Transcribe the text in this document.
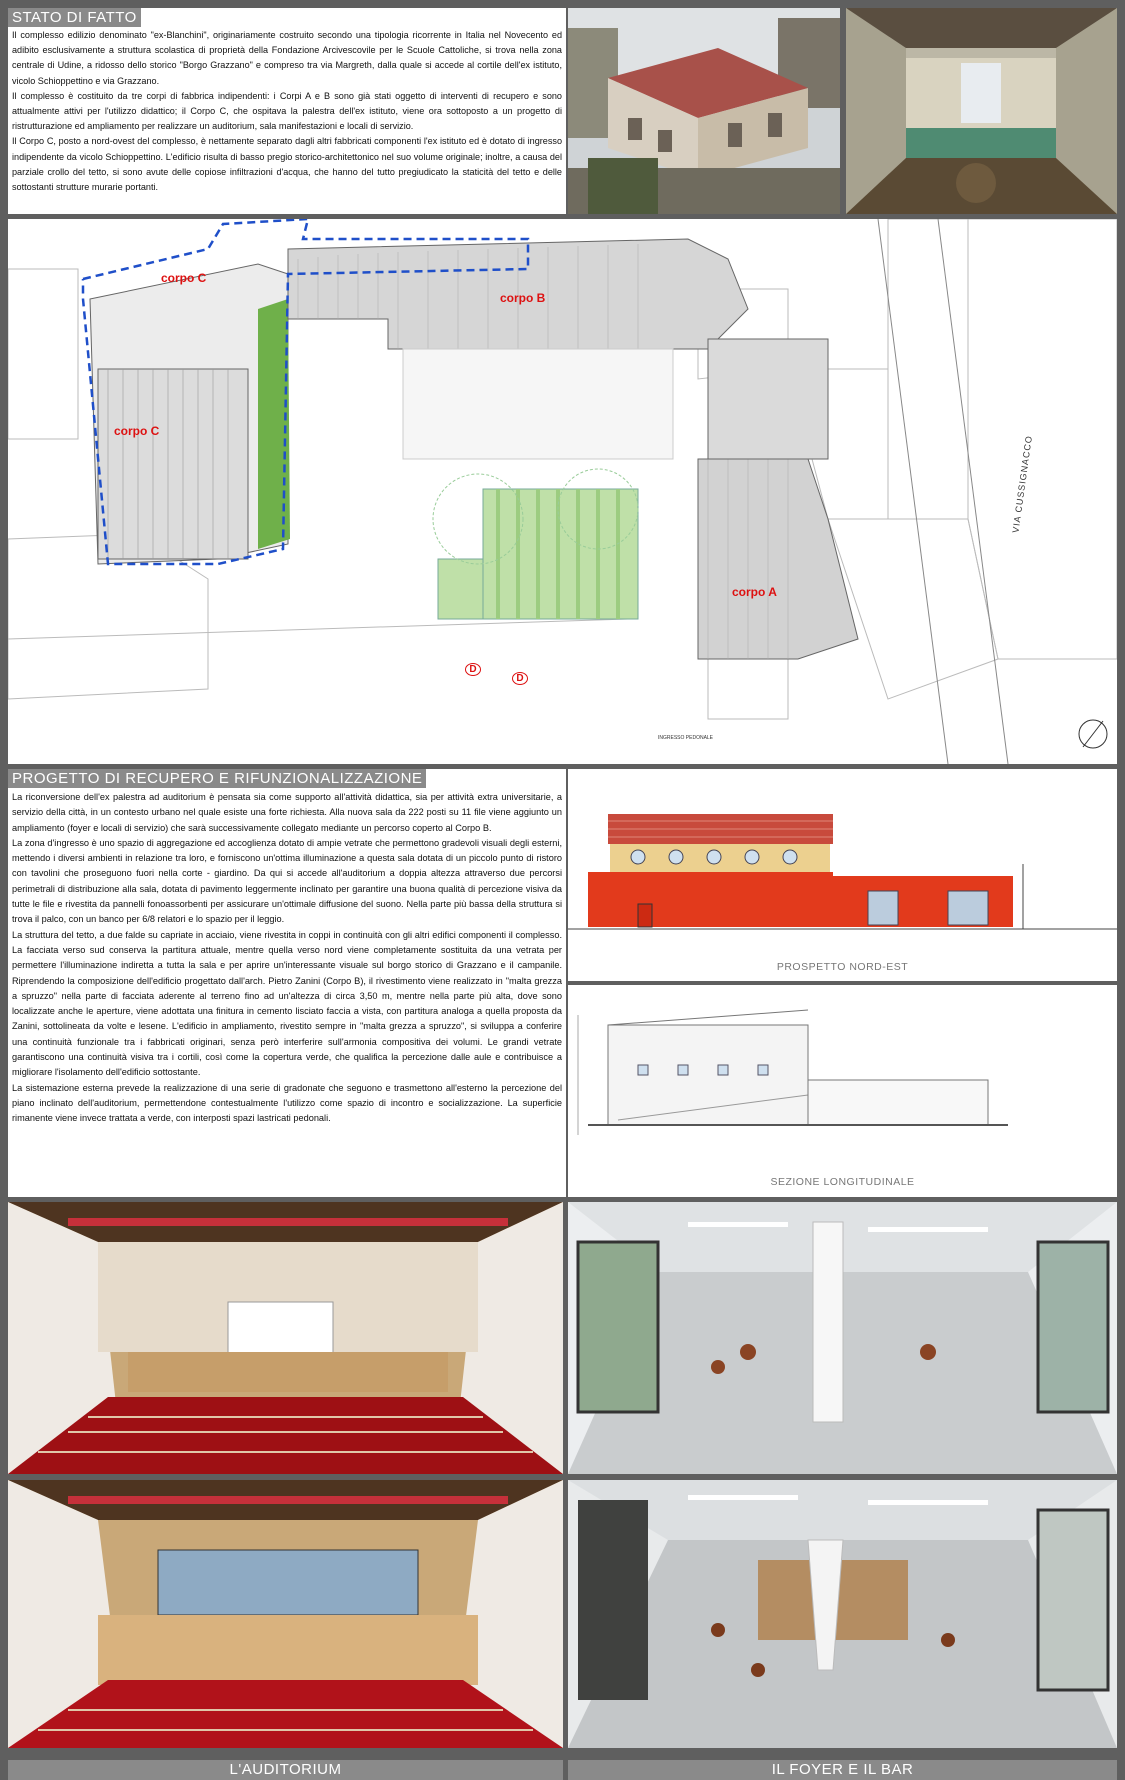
STATO DI FATTO

Il complesso edilizio denominato "ex-Blanchini", originariamente costruito secondo una tipologia ricorrente in Italia nel Novecento ed adibito esclusivamente a struttura scolastica di proprietà della Fondazione Arcivescovile per le Scuole Cattoliche, si trova nella zona centrale di Udine, a ridosso dello storico "Borgo Grazzano" e compreso tra via Margreth, dalla quale si accede al cortile dell'ex istituto, vicolo Schioppettino e via Grazzano.

Il complesso è costituito da tre corpi di fabbrica indipendenti: i Corpi A e B sono già stati oggetto di interventi di recupero e sono attualmente attivi per l'utilizzo didattico; il Corpo C, che ospitava la palestra dell'ex istituto, viene ora sottoposto a un progetto di ristrutturazione ed ampliamento per realizzare un auditorium, sala manifestazioni e locali di servizio.

Il Corpo C, posto a nord-ovest del complesso, è nettamente separato dagli altri fabbricati componenti l'ex istituto ed è dotato di ingresso indipendente da vicolo Schioppettino. L'edificio risulta di basso pregio storico-architettonico nel suo volume originale; inoltre, a causa del parziale crollo del tetto, si sono avute delle copiose infiltrazioni d'acqua, che hanno del tutto pregiudicato la staticità del tetto e delle sottostanti strutture murarie portanti.

corpo C
corpo C
corpo B
corpo A
D
D
VIA CUSSIGNACCO
INGRESSO PEDONALE
PROGETTO DI RECUPERO E RIFUNZIONALIZZAZIONE

La riconversione dell'ex palestra ad auditorium è pensata sia come supporto all'attività didattica, sia per attività extra universitarie, a servizio della città, in un contesto urbano nel quale esiste una forte richiesta. Alla nuova sala da 222 posti su 11 file viene aggiunto un ampliamento (foyer e locali di servizio) che sarà successivamente collegato mediante un percorso coperto al Corpo B.

La zona d'ingresso è uno spazio di aggregazione ed accoglienza dotato di ampie vetrate che permettono gradevoli visuali degli esterni, mettendo i diversi ambienti in relazione tra loro, e forniscono un'ottima illuminazione a questa sala dotata di un piccolo punto di ristoro con tavolini che proseguono fuori nella corte - giardino. Da qui si accede all'auditorium a doppia altezza attraverso due percorsi perimetrali di distribuzione alla sala, dotata di pavimento leggermente inclinato per garantire una buona qualità di percezione visiva da tutte le file e rivestita da pannelli fonoassorbenti per assicurare un'ottimale diffusione del suono. Nella parte più bassa della struttura si trova il palco, con un banco per 6/8 relatori e lo spazio per il leggio.

La struttura del tetto, a due falde su capriate in acciaio, viene rivestita in coppi in continuità con gli altri edifici componenti il complesso. La facciata verso sud conserva la partitura attuale, mentre quella verso nord viene completamente sostituita da una vetrata per permettere l'illuminazione indiretta a tutta la sala e per aprire un'interessante visuale sul borgo storico di Grazzano e il campanile. Riprendendo la composizione dell'edificio progettato dall'arch. Pietro Zanini (Corpo B), il rivestimento viene realizzato in "malta grezza a spruzzo" nella parte di facciata aderente al terreno fino ad un'altezza di circa 3,50 m, mentre nella parte più alta, dove sono localizzate anche le aperture, viene adottata una finitura in cemento lisciato faccia a vista, con partitura analoga a quella proposta da Zanini, sottolineata da volte e lesene. L'edificio in ampliamento, rivestito sempre in "malta grezza a spruzzo", si sviluppa a conferire una continuità funzionale tra i fabbricati originari, senza però interferire sull'armonia compositiva dei volumi. Le grandi vetrate garantiscono una continuità visiva tra i cortili, così come la copertura verde, che qualifica la percezione dalle aule e contribuisce a migliorare l'isolamento dell'edificio sottostante.

La sistemazione esterna prevede la realizzazione di una serie di gradonate che seguono e trasmettono all'esterno la percezione del piano inclinato dell'auditorium, permettendone contestualmente l'utilizzo come spazio di incontro e socializzazione. La superficie rimanente viene invece trattata a verde, con interposti spazi lastricati pedonali.

PROSPETTO NORD-EST
SEZIONE LONGITUDINALE
L'AUDITORIUM	IL FOYER E IL BAR
